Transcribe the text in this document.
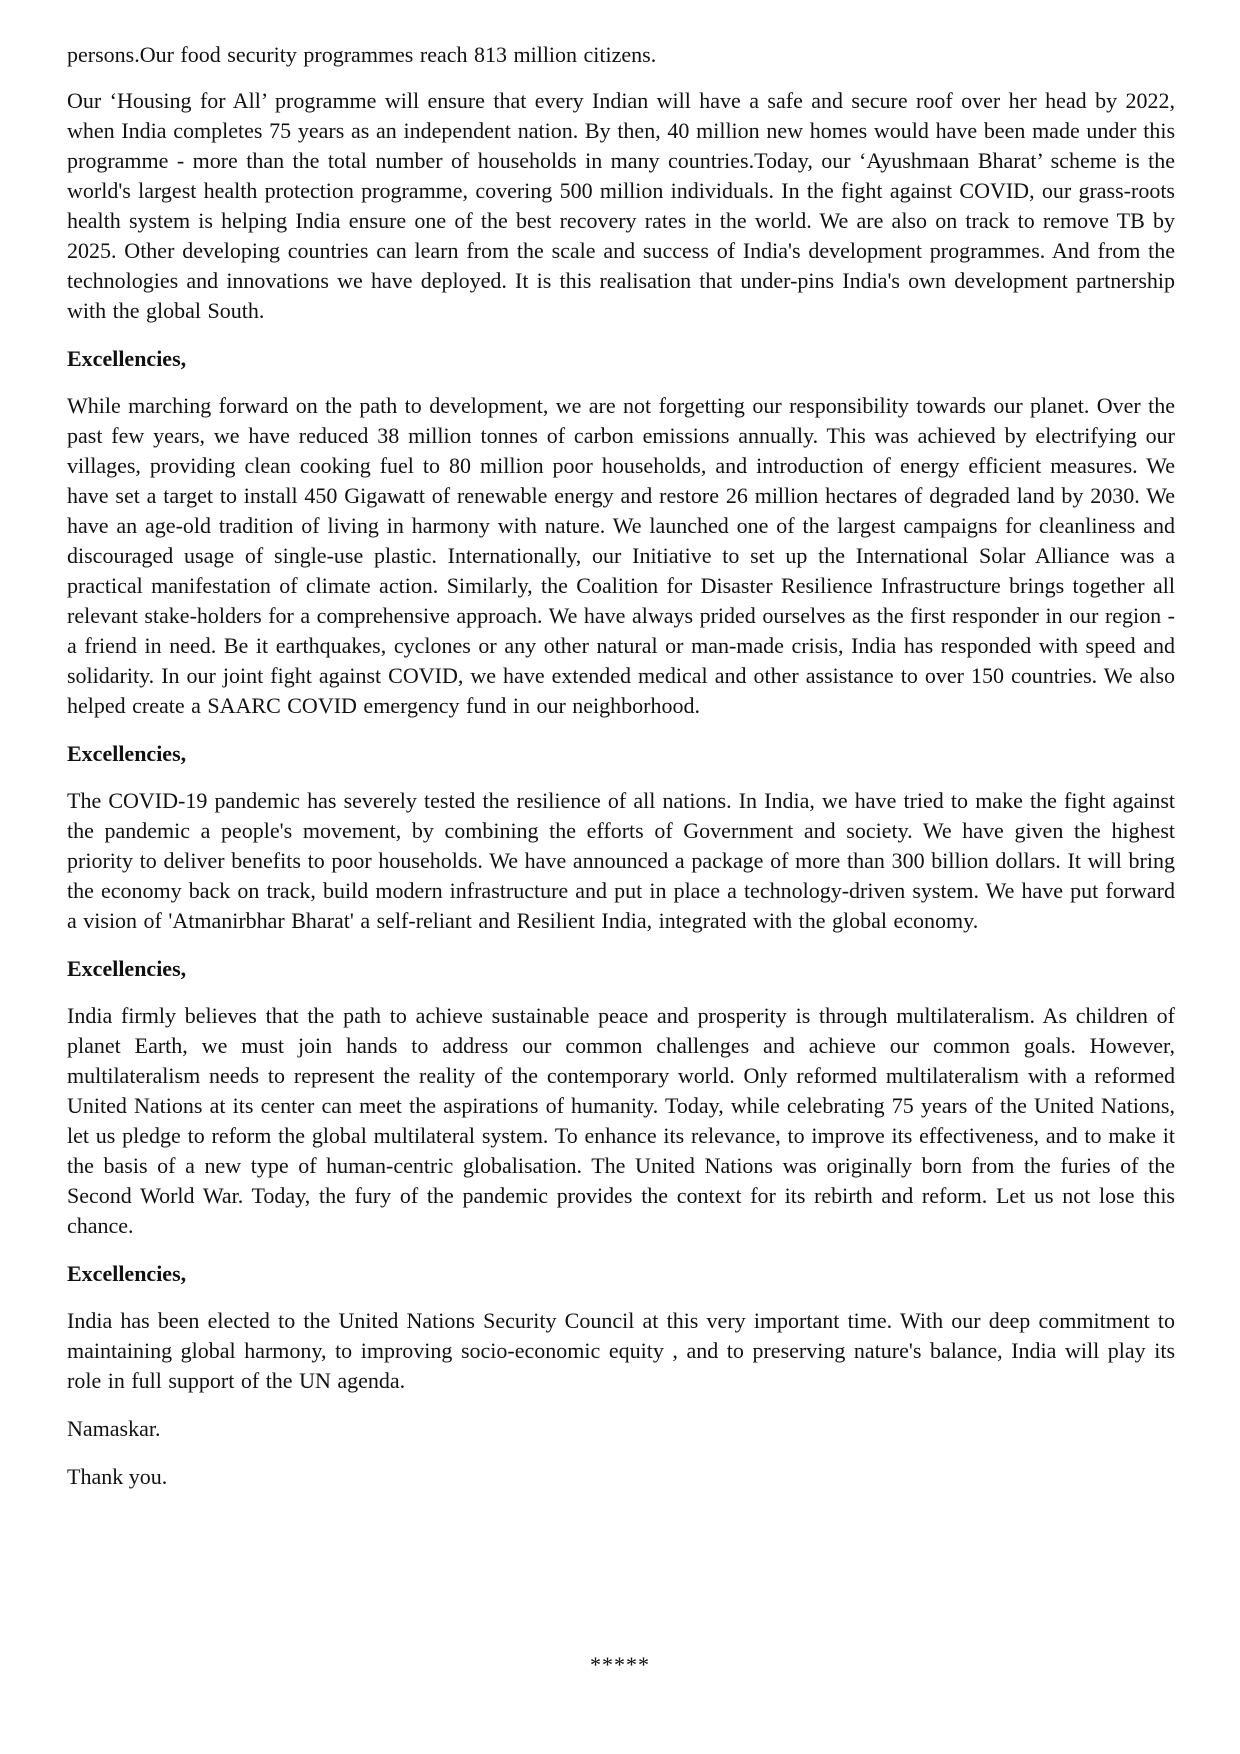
persons.Our food security programmes reach 813 million citizens.

Our ‘Housing for All’ programme will ensure that every Indian will have a safe and secure roof over her head by 2022, when India completes 75 years as an independent nation. By then, 40 million new homes would have been made under this programme - more than the total number of households in many countries.Today, our ‘Ayushmaan Bharat’ scheme is the world's largest health protection programme, covering 500 million individuals. In the fight against COVID, our grass-roots health system is helping India ensure one of the best recovery rates in the world. We are also on track to remove TB by 2025. Other developing countries can learn from the scale and success of India's development programmes. And from the technologies and innovations we have deployed. It is this realisation that under-pins India's own development partnership with the global South.

Excellencies,

While marching forward on the path to development, we are not forgetting our responsibility towards our planet. Over the past few years, we have reduced 38 million tonnes of carbon emissions annually. This was achieved by electrifying our villages, providing clean cooking fuel to 80 million poor households, and introduction of energy efficient measures. We have set a target to install 450 Gigawatt of renewable energy and restore 26 million hectares of degraded land by 2030. We have an age-old tradition of living in harmony with nature. We launched one of the largest campaigns for cleanliness and discouraged usage of single-use plastic. Internationally, our Initiative to set up the International Solar Alliance was a practical manifestation of climate action. Similarly, the Coalition for Disaster Resilience Infrastructure brings together all relevant stake-holders for a comprehensive approach. We have always prided ourselves as the first responder in our region - a friend in need. Be it earthquakes, cyclones or any other natural or man-made crisis, India has responded with speed and solidarity. In our joint fight against COVID, we have extended medical and other assistance to over 150 countries. We also helped create a SAARC COVID emergency fund in our neighborhood.

Excellencies,

The COVID-19 pandemic has severely tested the resilience of all nations. In India, we have tried to make the fight against the pandemic a people's movement, by combining the efforts of Government and society. We have given the highest priority to deliver benefits to poor households. We have announced a package of more than 300 billion dollars. It will bring the economy back on track, build modern infrastructure and put in place a technology-driven system. We have put forward a vision of 'Atmanirbhar Bharat' a self-reliant and Resilient India, integrated with the global economy.

Excellencies,

India firmly believes that the path to achieve sustainable peace and prosperity is through multilateralism. As children of planet Earth, we must join hands to address our common challenges and achieve our common goals. However, multilateralism needs to represent the reality of the contemporary world. Only reformed multilateralism with a reformed United Nations at its center can meet the aspirations of humanity. Today, while celebrating 75 years of the United Nations, let us pledge to reform the global multilateral system. To enhance its relevance, to improve its effectiveness, and to make it the basis of a new type of human-centric globalisation. The United Nations was originally born from the furies of the Second World War. Today, the fury of the pandemic provides the context for its rebirth and reform. Let us not lose this chance.

Excellencies,

India has been elected to the United Nations Security Council at this very important time. With our deep commitment to maintaining global harmony, to improving socio-economic equity , and to preserving nature's balance, India will play its role in full support of the UN agenda.

Namaskar.

Thank you.

*****
